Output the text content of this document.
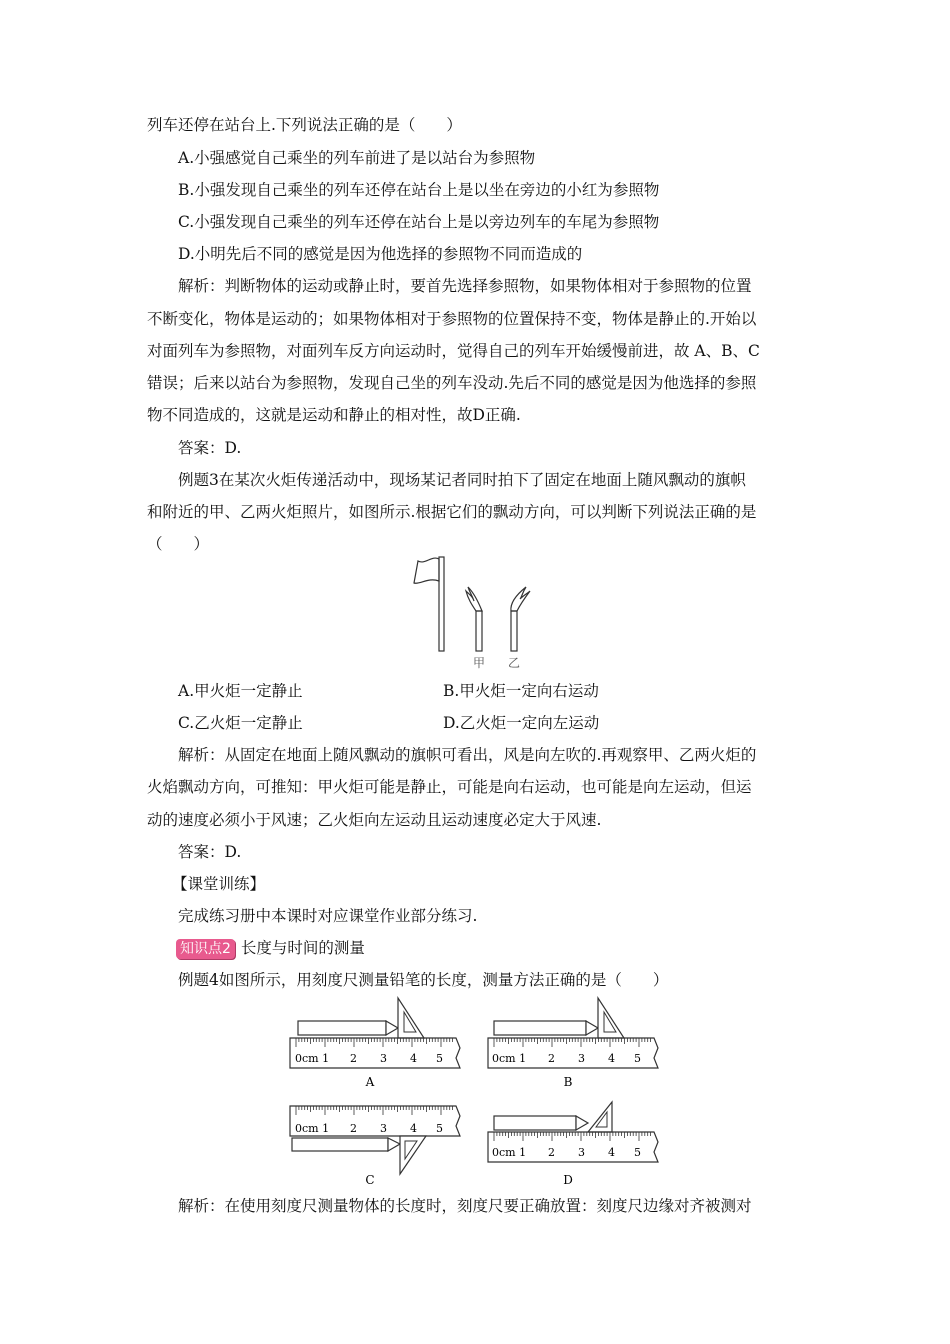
列车还停在站台上.下列说法正确的是（　　）
A.小强感觉自己乘坐的列车前进了是以站台为参照物
B.小强发现自己乘坐的列车还停在站台上是以坐在旁边的小红为参照物
C.小强发现自己乘坐的列车还停在站台上是以旁边列车的车尾为参照物
D.小明先后不同的感觉是因为他选择的参照物不同而造成的
解析：判断物体的运动或静止时，要首先选择参照物，如果物体相对于参照物的位置
不断变化，物体是运动的；如果物体相对于参照物的位置保持不变，物体是静止的.开始以
对面列车为参照物，对面列车反方向运动时，觉得自己的列车开始缓慢前进，故 A、B、C
错误；后来以站台为参照物，发现自己坐的列车没动.先后不同的感觉是因为他选择的参照
物不同造成的，这就是运动和静止的相对性，故D正确.
答案：D.
例题3在某次火炬传递活动中，现场某记者同时拍下了固定在地面上随风飘动的旗帜
和附近的甲、乙两火炬照片，如图所示.根据它们的飘动方向，可以判断下列说法正确的是
（　　）
甲 乙
A.甲火炬一定静止	B.甲火炬一定向右运动
C.乙火炬一定静止	D.乙火炬一定向左运动
解析：从固定在地面上随风飘动的旗帜可看出，风是向左吹的.再观察甲、乙两火炬的
火焰飘动方向，可推知：甲火炬可能是静止，可能是向右运动，也可能是向左运动，但运
动的速度必须小于风速；乙火炬向左运动且运动速度必定大于风速.
答案：D.
【课堂训练】
完成练习册中本课时对应课堂作业部分练习.
知识点2 长度与时间的测量
例题4如图所示，用刻度尺测量铅笔的长度，测量方法正确的是（　　）
0cm 1 2 3 4 5
A
0cm 1 2 3 4 5
B
0cm 1 2 3 4 5
C
0cm 1 2 3 4 5
D
解析：在使用刻度尺测量物体的长度时，刻度尺要正确放置：刻度尺边缘对齐被测对
